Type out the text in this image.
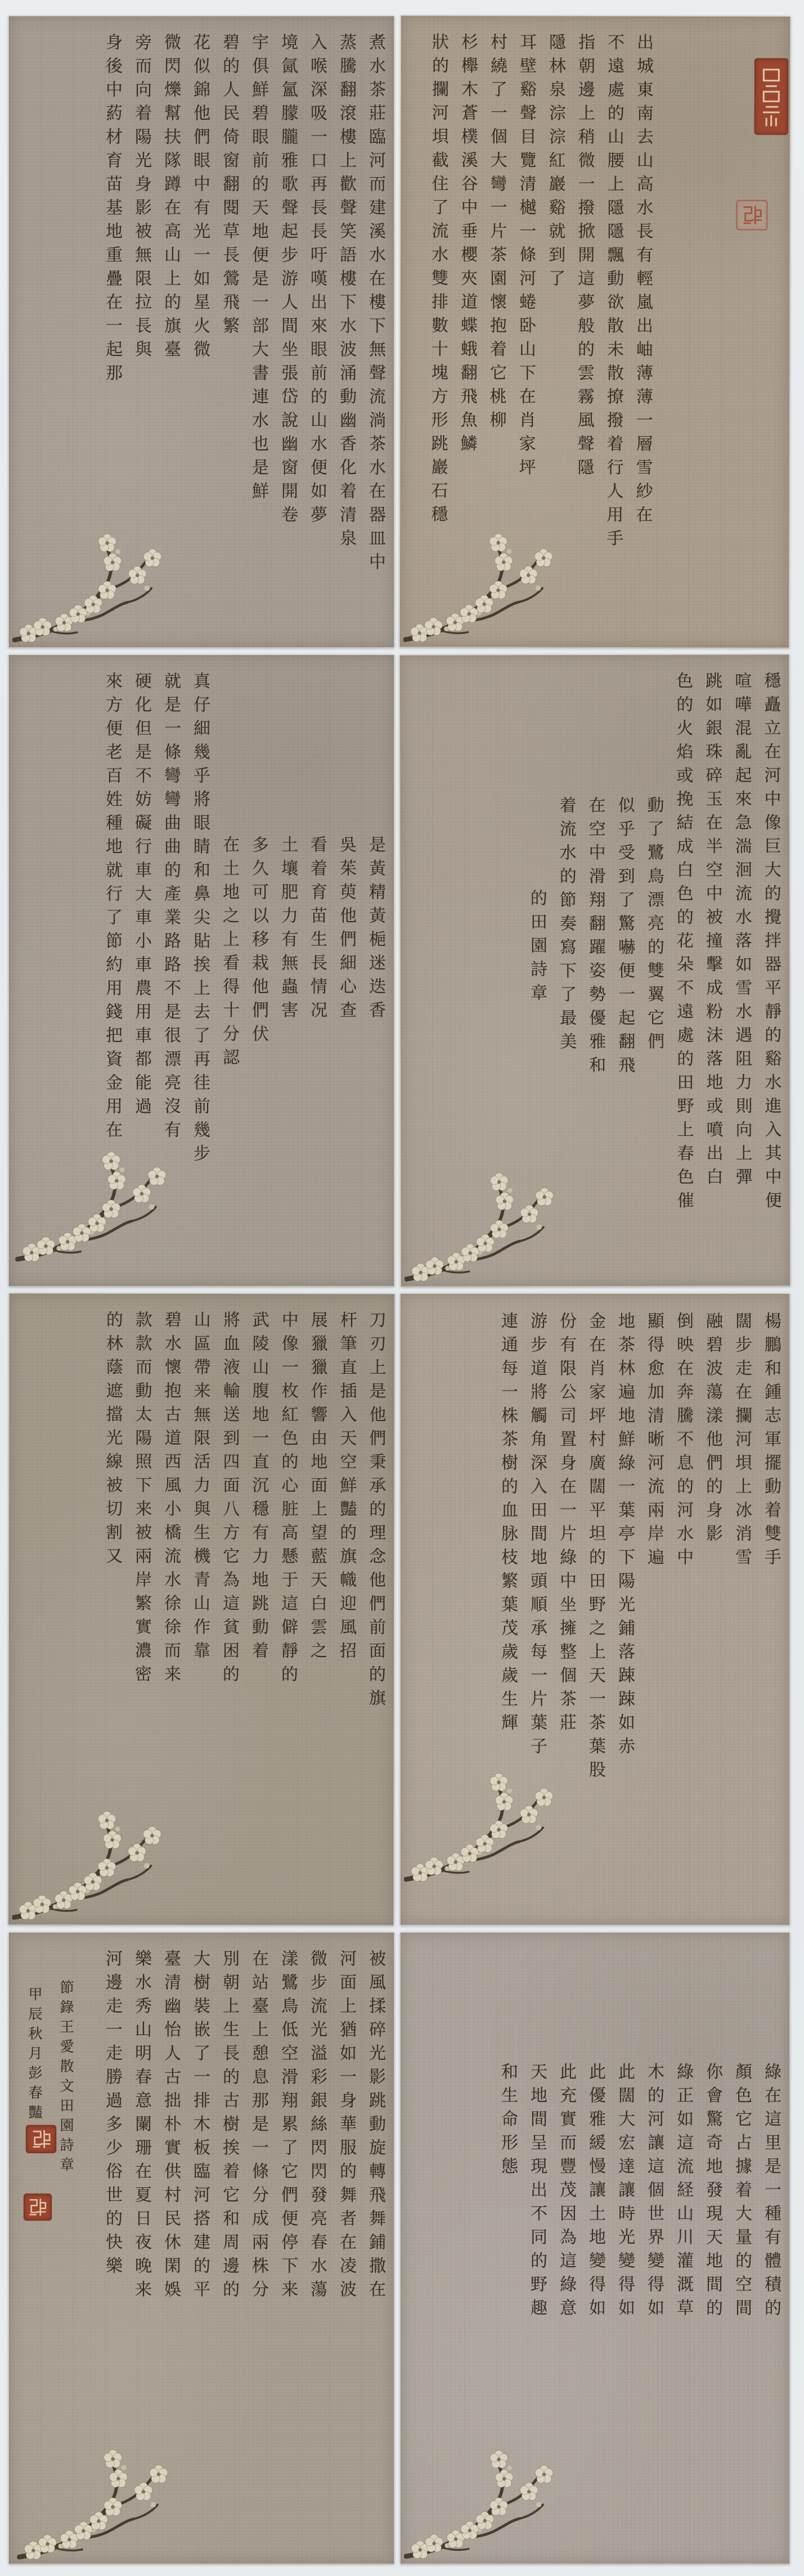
煮水茶莊臨河而建溪水在樓下無聲流淌茶水在器皿中
蒸騰翻滾樓上歡聲笑語樓下水波涌動幽香化着清泉
入喉深吸一口再長長吁嘆出來眼前的山水便如夢
境氤氳朦朧雅歌聲起步游人間坐張岱說幽窗開卷
宇俱鮮碧眼前的天地便是一部大書連水也是鮮
碧的人民倚窗翻閱草長鶯飛繁
花似錦他們眼中有光一如星火微
微閃爍幫扶隊蹲在高山上的旗臺
旁而向着陽光身影被無限拉長與
身後中葯材育苗基地重疊在一起那	出城東南去山高水長有輕嵐出岫薄薄一層雪紗在
不遠處的山腰上隱隱飄動欲散未散撩撥着行人用手
指朝邊上稍微一撥掀開這夢般的雲霧風聲隱
隱林泉淙淙紅巖谿就到了
耳壁谿聲目覽清樾一條河蜷卧山下在肖家坪
村繞了一個大彎一片茶園懷抱着它桃柳
杉櫸木蒼樸溪谷中垂櫻夾道蝶蛾翻飛魚鱗
狀的攔河垻截住了流水雙排數十塊方形跳巖石穩
是黃精黃梔迷迭香
吳茱萸他們細心查
看着育苗生長情况
土壤肥力有無蟲害
多久可以移栽他們伏
在土地之上看得十分認
真仔細幾乎將眼睛和鼻尖貼挨上去了再徍前幾步
就是一條彎彎曲曲的產業路路不是很漂亮沒有
硬化但是不妨礙行車大車小車農用車都能過
來方便老百姓種地就行了節約用錢把資金用在	穩矗立在河中像巨大的攪拌器平靜的谿水進入其中便
喧嘩混亂起來急湍洄流水落如雪水遇阻力則向上彈
跳如銀珠碎玉在半空中被撞擊成粉沫落地或噴出白
色的火焰或挽結成白色的花朵不遠處的田野上春色催
動了鷺鳥漂亮的雙翼它們
似乎受到了驚嚇便一起翻飛
在空中滑翔翻躍姿勢優雅和
着流水的節奏寫下了最美
的田園詩章
刀刃上是他們秉承的理念他們前面的旗
杆筆直插入天空鮮豔的旗幟迎風招
展獵獵作響由地面上望藍天白雲之
中像一枚紅色的心脏高懸于這僻靜的
武陵山腹地一直沉穩有力地跳動着
將血液輸送到四面八方它為這貧困的
山區帶来無限活力與生機青山作靠
碧水懷抱古道西風小橋流水徐徐而来
款款而動太陽照下来被兩岸繁實濃密
的林蔭遮擋光線被切割又	楊鵬和鍾志軍擺動着雙手
闊步走在攔河垻上冰消雪
融碧波蕩漾他們的身影
倒映在奔騰不息的河水中
顯得愈加清晰河流兩岸遍
地茶林遍地鮮綠一葉亭下陽光鋪落踈踈如赤
金在肖家坪村廣闊平坦的田野之上天一茶葉股
份有限公司置身在一片綠中坐擁整個茶莊
游步道將觸角深入田間地頭順承每一片葉子
連通每一株茶樹的血脉枝繁葉茂歲歲生輝
被風揉碎光影跳動旋轉飛舞鋪撒在
河面上猶如一身華服的舞者在凌波
微步流光溢彩銀絲閃閃發亮春水蕩
漾鷺鳥低空滑翔累了它們便停下来
在站臺上憩息那是一條分成兩株分
別朝上生長的古樹挨着它和周邊的
大樹裝嵌了一排木板臨河搭建的平
臺清幽怡人古拙朴實供村民休閑娛
樂水秀山明春意闌珊在夏日夜晚来
河邊走一走勝過多少俗世的快樂
節錄王愛散文田園詩章
甲辰秋月彭春豔
綠在這里是一種有體積的
顏色它占據着大量的空間
你會驚奇地發現天地間的
綠正如這流経山川灌溉草
木的河讓這個世界變得如
此闊大宏達讓時光變得如
此優雅緩慢讓土地變得如
此充實而豐茂因為這綠意
天地間呈現出不同的野趣
和生命形態
